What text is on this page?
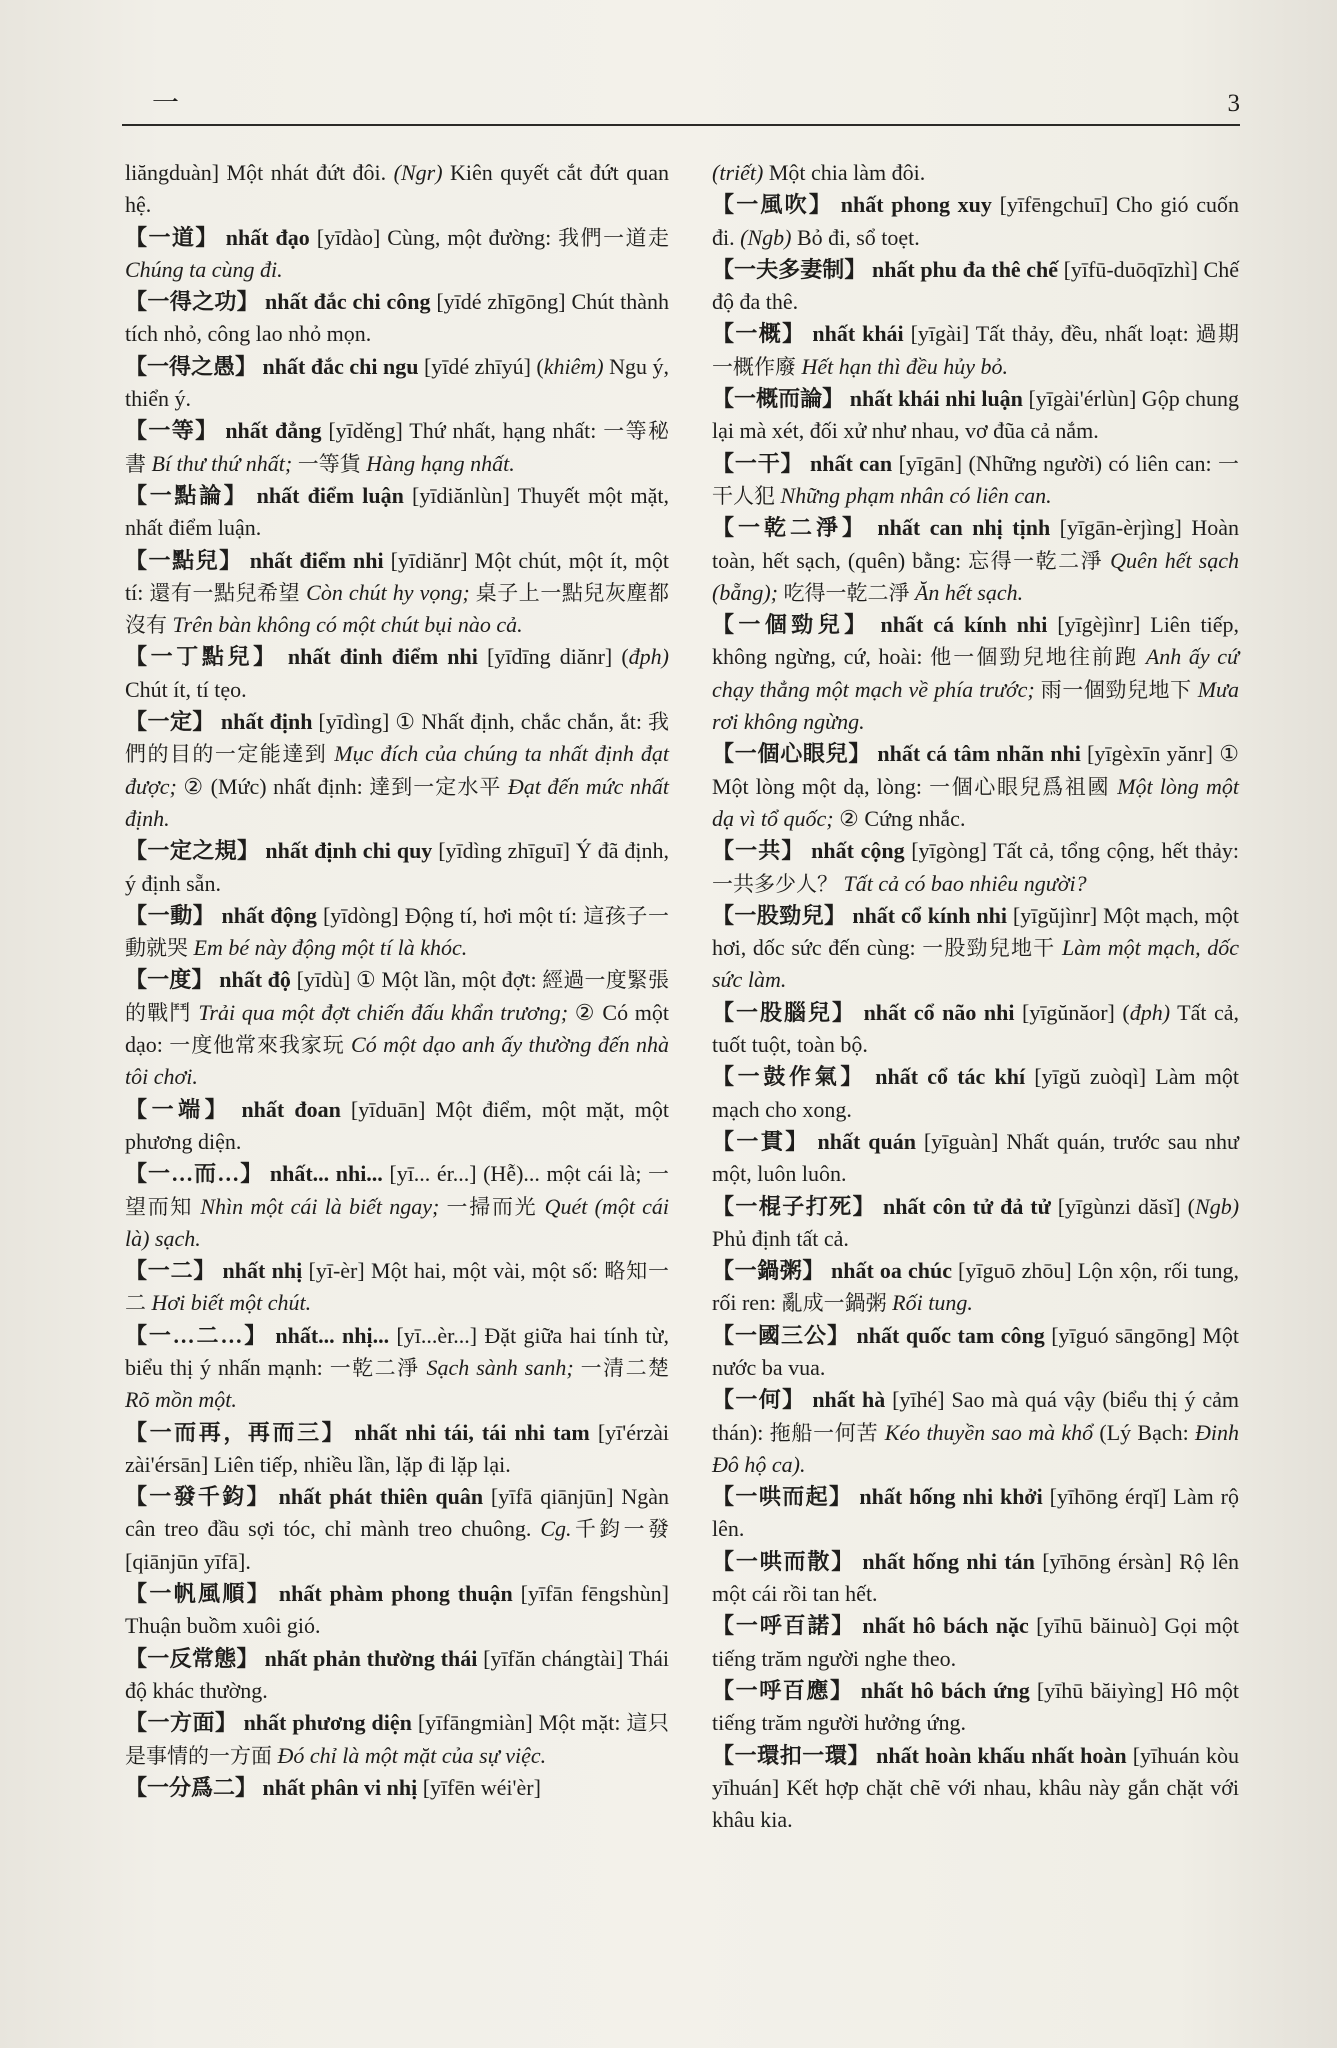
一	3

liăngduàn] Một nhát đứt đôi. (Ngr) Kiên quyết cắt đứt quan hệ.

【一道】 nhất đạo [yīdào] Cùng, một đường: 我們一道走 Chúng ta cùng đi.

【一得之功】 nhất đắc chi công [yīdé zhīgōng] Chút thành tích nhỏ, công lao nhỏ mọn.

【一得之愚】 nhất đắc chi ngu [yīdé zhīyú] (khiêm) Ngu ý, thiển ý.

【一等】 nhất đẳng [yīděng] Thứ nhất, hạng nhất: 一等秘書 Bí thư thứ nhất; 一等貨 Hàng hạng nhất.

【一點論】 nhất điểm luận [yīdiănlùn] Thuyết một mặt, nhất điểm luận.

【一點兒】 nhất điểm nhi [yīdiănr] Một chút, một ít, một tí: 還有一點兒希望 Còn chút hy vọng; 桌子上一點兒灰塵都沒有 Trên bàn không có một chút bụi nào cả.

【一丁點兒】 nhất đinh điểm nhi [yīdīng diănr] (đph) Chút ít, tí tẹo.

【一定】 nhất định [yīdìng] ① Nhất định, chắc chắn, ắt: 我們的目的一定能達到 Mục đích của chúng ta nhất định đạt được; ② (Mức) nhất định: 達到一定水平 Đạt đến mức nhất định.

【一定之規】 nhất định chi quy [yīdìng zhīguī] Ý đã định, ý định sẵn.

【一動】 nhất động [yīdòng] Động tí, hơi một tí: 這孩子一動就哭 Em bé này động một tí là khóc.

【一度】 nhất độ [yīdù] ① Một lần, một đợt: 經過一度緊張的戰鬥 Trải qua một đợt chiến đấu khẩn trương; ② Có một dạo: 一度他常來我家玩 Có một dạo anh ấy thường đến nhà tôi chơi.

【一端】 nhất đoan [yīduān] Một điểm, một mặt, một phương diện.

【一…而…】 nhất... nhi... [yī... ér...] (Hễ)... một cái là; 一望而知 Nhìn một cái là biết ngay; 一掃而光 Quét (một cái là) sạch.

【一二】 nhất nhị [yī-èr] Một hai, một vài, một số: 略知一二 Hơi biết một chút.

【一…二…】 nhất... nhị... [yī...èr...] Đặt giữa hai tính từ, biểu thị ý nhấn mạnh: 一乾二淨 Sạch sành sanh; 一清二楚 Rõ mồn một.

【一而再，再而三】 nhất nhi tái, tái nhi tam [yī'érzài zài'érsān] Liên tiếp, nhiều lần, lặp đi lặp lại.

【一發千鈞】 nhất phát thiên quân [yīfā qiānjūn] Ngàn cân treo đầu sợi tóc, chỉ mành treo chuông. Cg.千鈞一發 [qiānjūn yīfā].

【一帆風順】 nhất phàm phong thuận [yīfān fēngshùn] Thuận buồm xuôi gió.

【一反常態】 nhất phản thường thái [yīfăn chángtài] Thái độ khác thường.

【一方面】 nhất phương diện [yīfāngmiàn] Một mặt: 這只是事情的一方面 Đó chỉ là một mặt của sự việc.

【一分爲二】 nhất phân vi nhị [yīfēn wéi'èr]

(triết) Một chia làm đôi.

【一風吹】 nhất phong xuy [yīfēngchuī] Cho gió cuốn đi. (Ngb) Bỏ đi, sổ toẹt.

【一夫多妻制】 nhất phu đa thê chế [yīfū-duōqīzhì] Chế độ đa thê.

【一概】 nhất khái [yīgài] Tất thảy, đều, nhất loạt: 過期一概作廢 Hết hạn thì đều hủy bỏ.

【一概而論】 nhất khái nhi luận [yīgài'érlùn] Gộp chung lại mà xét, đối xử như nhau, vơ đũa cả nắm.

【一干】 nhất can [yīgān] (Những người) có liên can: 一干人犯 Những phạm nhân có liên can.

【一乾二淨】 nhất can nhị tịnh [yīgān-èrjìng] Hoàn toàn, hết sạch, (quên) bằng: 忘得一乾二淨 Quên hết sạch (bẵng); 吃得一乾二淨 Ăn hết sạch.

【一個勁兒】 nhất cá kính nhi [yīgèjìnr] Liên tiếp, không ngừng, cứ, hoài: 他一個勁兒地往前跑 Anh ấy cứ chạy thẳng một mạch về phía trước; 雨一個勁兒地下 Mưa rơi không ngừng.

【一個心眼兒】 nhất cá tâm nhãn nhi [yīgèxīn yănr] ① Một lòng một dạ, lòng: 一個心眼兒爲祖國 Một lòng một dạ vì tổ quốc; ② Cứng nhắc.

【一共】 nhất cộng [yīgòng] Tất cả, tổng cộng, hết thảy: 一共多少人？ Tất cả có bao nhiêu người?

【一股勁兒】 nhất cổ kính nhi [yīgŭjìnr] Một mạch, một hơi, dốc sức đến cùng: 一股勁兒地干 Làm một mạch, dốc sức làm.

【一股腦兒】 nhất cổ não nhi [yīgŭnăor] (đph) Tất cả, tuốt tuột, toàn bộ.

【一鼓作氣】 nhất cổ tác khí [yīgŭ zuòqì] Làm một mạch cho xong.

【一貫】 nhất quán [yīguàn] Nhất quán, trước sau như một, luôn luôn.

【一棍子打死】 nhất côn tử đả tử [yīgùnzi dăsĭ] (Ngb) Phủ định tất cả.

【一鍋粥】 nhất oa chúc [yīguō zhōu] Lộn xộn, rối tung, rối ren: 亂成一鍋粥 Rối tung.

【一國三公】 nhất quốc tam công [yīguó sāngōng] Một nước ba vua.

【一何】 nhất hà [yīhé] Sao mà quá vậy (biểu thị ý cảm thán): 拖船一何苦 Kéo thuyền sao mà khổ (Lý Bạch: Đinh Đô hộ ca).

【一哄而起】 nhất hống nhi khởi [yīhōng érqĭ] Làm rộ lên.

【一哄而散】 nhất hống nhi tán [yīhōng érsàn] Rộ lên một cái rồi tan hết.

【一呼百諾】 nhất hô bách nặc [yīhū băinuò] Gọi một tiếng trăm người nghe theo.

【一呼百應】 nhất hô bách ứng [yīhū băiyìng] Hô một tiếng trăm người hưởng ứng.

【一環扣一環】 nhất hoàn khấu nhất hoàn [yīhuán kòu yīhuán] Kết hợp chặt chẽ với nhau, khâu này gắn chặt với khâu kia.
